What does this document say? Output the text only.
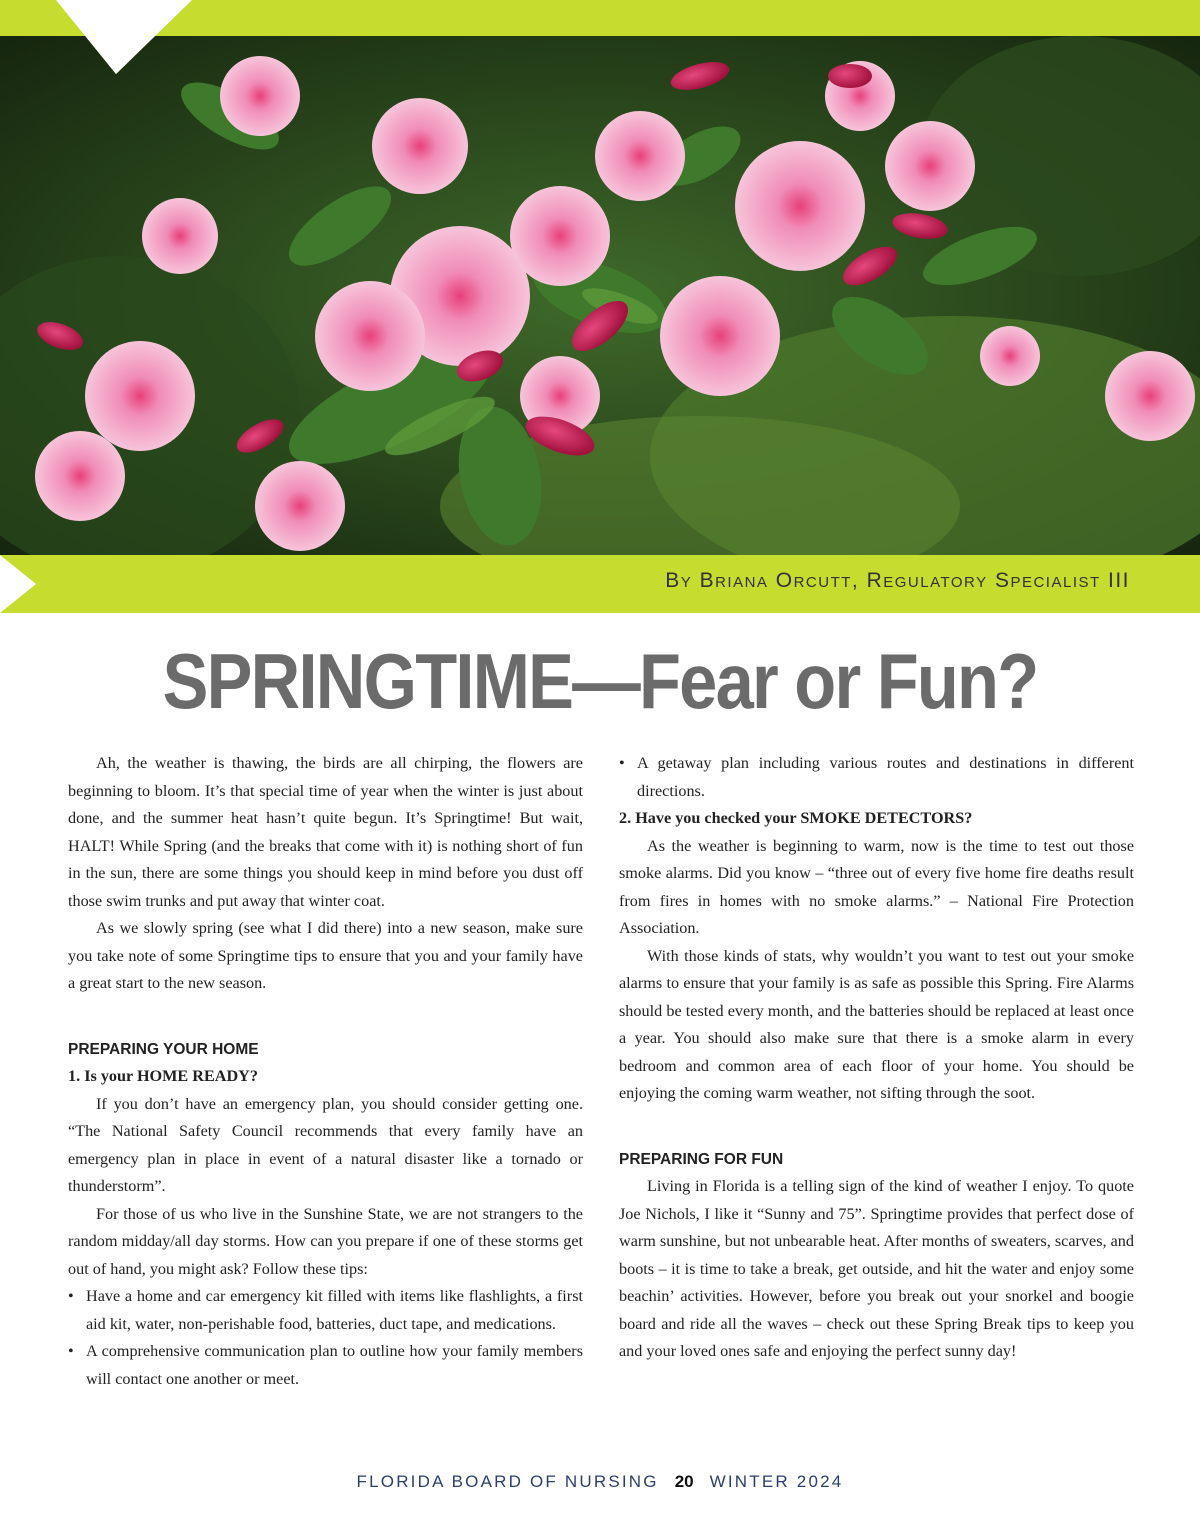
By Briana Orcutt, Regulatory Specialist III
SPRINGTIME—Fear or Fun?

Ah, the weather is thawing, the birds are all chirping, the flowers are beginning to bloom. It’s that special time of year when the winter is just about done, and the summer heat hasn’t quite begun. It’s Springtime! But wait, HALT! While Spring (and the breaks that come with it) is nothing short of fun in the sun, there are some things you should keep in mind before you dust off those swim trunks and put away that winter coat.

As we slowly spring (see what I did there) into a new season, make sure you take note of some Springtime tips to ensure that you and your family have a great start to the new season.

PREPARING YOUR HOME

1. Is your HOME READY?

If you don’t have an emergency plan, you should consider getting one. “The National Safety Council recommends that every family have an emergency plan in place in event of a natural disaster like a tornado or thunderstorm”.

For those of us who live in the Sunshine State, we are not strangers to the random midday/all day storms. How can you prepare if one of these storms get out of hand, you might ask? Follow these tips:

• Have a home and car emergency kit filled with items like flashlights, a first aid kit, water, non-perishable food, batteries, duct tape, and medications.
• A comprehensive communication plan to outline how your family members will contact one another or meet.
• A getaway plan including various routes and destinations in different directions.

2. Have you checked your SMOKE DETECTORS?

As the weather is beginning to warm, now is the time to test out those smoke alarms. Did you know – “three out of every five home fire deaths result from fires in homes with no smoke alarms.” – National Fire Protection Association.

With those kinds of stats, why wouldn’t you want to test out your smoke alarms to ensure that your family is as safe as possible this Spring. Fire Alarms should be tested every month, and the batteries should be replaced at least once a year. You should also make sure that there is a smoke alarm in every bedroom and common area of each floor of your home. You should be enjoying the coming warm weather, not sifting through the soot.

PREPARING FOR FUN

Living in Florida is a telling sign of the kind of weather I enjoy. To quote Joe Nichols, I like it “Sunny and 75”. Springtime provides that perfect dose of warm sunshine, but not unbearable heat. After months of sweaters, scarves, and boots – it is time to take a break, get outside, and hit the water and enjoy some beachin’ activities. However, before you break out your snorkel and boogie board and ride all the waves – check out these Spring Break tips to keep you and your loved ones safe and enjoying the perfect sunny day!

FLORIDA BOARD OF NURSING 20 WINTER 2024
